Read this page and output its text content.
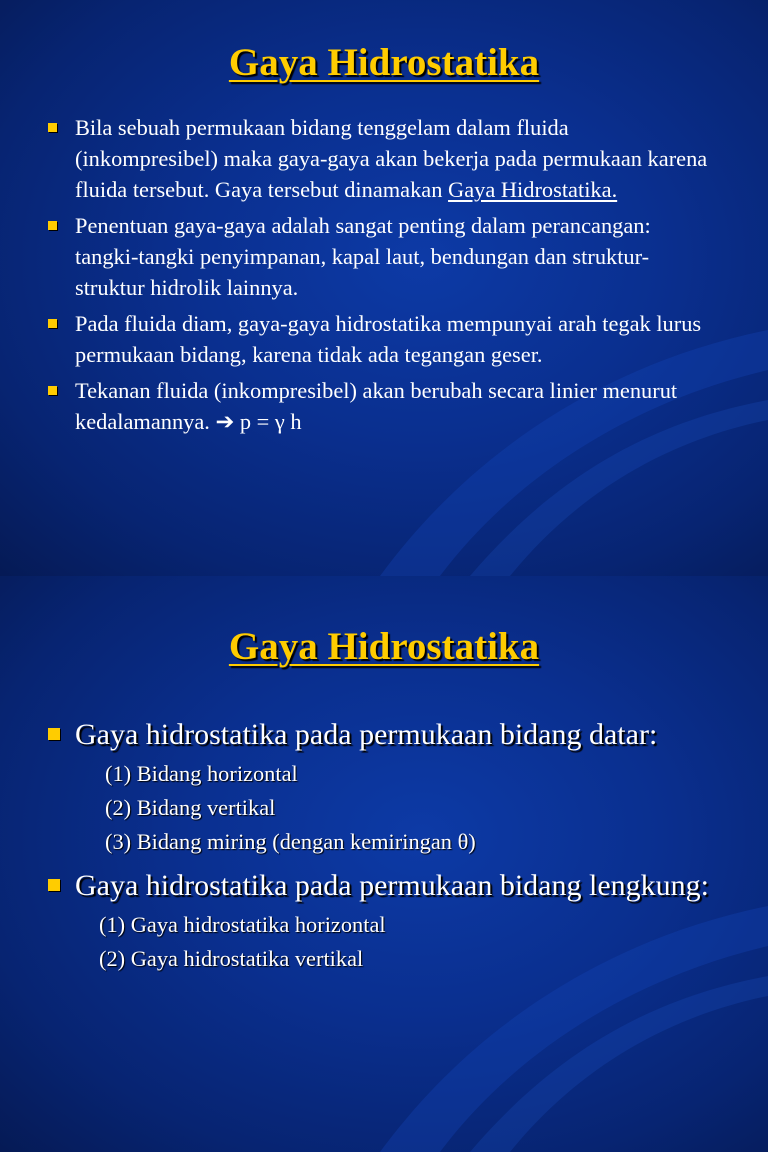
Gaya Hidrostatika
Bila sebuah permukaan bidang tenggelam dalam fluida (inkompresibel) maka gaya-gaya akan bekerja pada permukaan karena fluida tersebut. Gaya tersebut dinamakan Gaya Hidrostatika.
Penentuan gaya-gaya adalah sangat penting dalam perancangan: tangki-tangki penyimpanan, kapal laut, bendungan dan struktur-struktur hidrolik lainnya.
Pada fluida diam, gaya-gaya hidrostatika mempunyai arah tegak lurus permukaan bidang, karena tidak ada tegangan geser.
Tekanan fluida (inkompresibel) akan berubah secara linier menurut kedalamannya. ➔ p = γ h
Gaya Hidrostatika
Gaya hidrostatika pada permukaan bidang datar:
(1) Bidang horizontal
(2) Bidang vertikal
(3) Bidang miring (dengan kemiringan θ)
Gaya hidrostatika pada permukaan bidang lengkung:
(1) Gaya hidrostatika horizontal
(2) Gaya hidrostatika vertikal
